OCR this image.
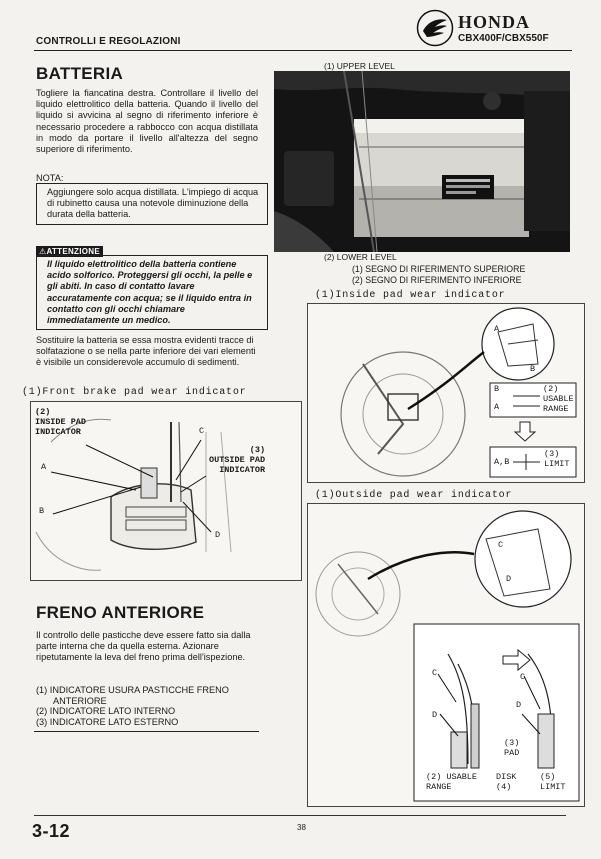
CONTROLLI E REGOLAZIONI
HONDA
CBX400F/CBX550F
BATTERIA
Togliere la fiancatina destra. Controllare il livello del liquido elettrolitico della batteria. Quando il livello del liquido si avvicina al segno di riferimento inferiore è necessario procedere a rabbocco con acqua distillata in modo da portare il livello all'altezza del segno superiore di riferimento.
NOTA:
Aggiungere solo acqua distillata. L'impiego di acqua di rubinetto causa una notevole diminuzione della durata della batteria.
⚠ATTENZIONE
Il liquido elettrolitico della batteria contiene acido solforico. Proteggersi gli occhi, la pelle e gli abiti. In caso di contatto lavare accuratamente con acqua; se il liquido entra in contatto con gli occhi chiamare immediatamente un medico.
Sostituire la batteria se essa mostra evidenti tracce di solfatazione o se nella parte inferiore dei vari elementi è visibile un considerevole accumulo di sedimenti.
(1) UPPER LEVEL
(2) LOWER LEVEL
(1) SEGNO DI RIFERIMENTO SUPERIORE
(2) SEGNO DI RIFERIMENTO INFERIORE
(1)Inside pad wear indicator
A
B
B
A
(2)
USABLE
RANGE
A,B
(3)
LIMIT
(1)Front brake pad wear indicator
(2)
INSIDE PAD
INDICATOR
(3)
OUTSIDE PAD
INDICATOR
A
B
C
D
(1)Outside pad wear indicator
C
D
C
D
C
D
(3)
PAD
(2) USABLE
RANGE
DISK
(4)
(5)
LIMIT
FRENO ANTERIORE
Il controllo delle pasticche deve essere fatto sia dalla parte interna che da quella esterna. Azionare ripetutamente la leva del freno prima dell'ispezione.
(1) INDICATORE USURA PASTICCHE FRENO
ANTERIORE
(2) INDICATORE LATO INTERNO
(3) INDICATORE LATO ESTERNO
3-12	38
